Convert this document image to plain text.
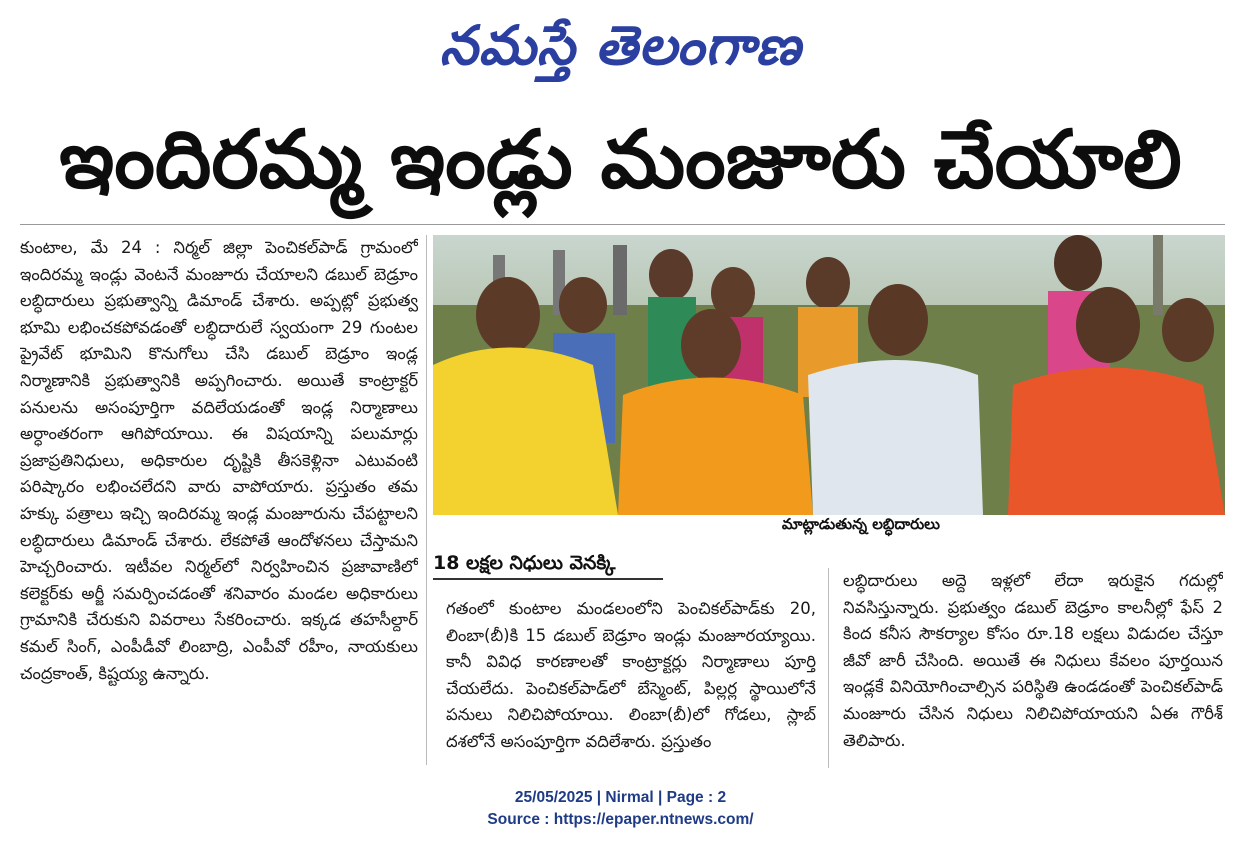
నమస్తే తెలంగాణ
ఇందిరమ్మ ఇండ్లు మంజూరు చేయాలి

కుంటాల, మే 24 : నిర్మల్ జిల్లా పెంచికల్‌పాడ్ గ్రామంలో ఇందిరమ్మ ఇండ్లు వెంటనే మంజూరు చేయాలని డబుల్ బెడ్రూం లబ్ధిదారులు ప్రభుత్వాన్ని డిమాండ్ చేశారు. అప్పట్లో ప్రభుత్వ భూమి లభించకపోవడంతో లబ్ధిదారులే స్వయంగా 29 గుంటల ప్రైవేట్ భూమిని కొనుగోలు చేసి డబుల్ బెడ్రూం ఇండ్ల నిర్మాణానికి ప్రభుత్వానికి అప్పగించారు. అయితే కాంట్రాక్టర్ పనులను అసంపూర్తిగా వదిలేయడంతో ఇండ్ల నిర్మాణాలు అర్ధాంతరంగా ఆగిపోయాయి. ఈ విషయాన్ని పలుమార్లు ప్రజాప్రతినిధులు, అధికారుల దృష్టికి తీసకెళ్లినా ఎటువంటి పరిష్కారం లభించలేదని వారు వాపోయారు. ప్రస్తుతం తమ హక్కు పత్రాలు ఇచ్చి ఇందిరమ్మ ఇండ్ల మంజూరును చేపట్టాలని లబ్ధిదారులు డిమాండ్ చేశారు. లేకపోతే ఆందోళనలు చేస్తామని హెచ్చరించారు. ఇటీవల నిర్మల్‌లో నిర్వహించిన ప్రజావాణిలో కలెక్టర్‌కు అర్జీ సమర్పించడంతో శనివారం మండల అధికారులు గ్రామానికి చేరుకుని వివరాలు సేకరించారు. ఇక్కడ తహసీల్దార్ కమల్ సింగ్, ఎంపీడీవో లింబాద్రి, ఎంపీవో రహీం, నాయకులు చంద్రకాంత్, కిష్టయ్య ఉన్నారు.

మాట్లాడుతున్న లబ్ధిదారులు
18 లక్షల నిధులు వెనక్కి

గతంలో కుంటాల మండలంలోని పెంచికల్‌పాడ్‌కు 20, లింబా(బీ)కి 15 డబుల్ బెడ్రూం ఇండ్లు మంజూరయ్యాయి. కానీ వివిధ కారణాలతో కాంట్రాక్టర్లు నిర్మాణాలు పూర్తి చేయలేదు. పెంచికల్‌పాడ్‌లో బేస్మెంట్, పిల్లర్ల స్థాయిలోనే పనులు నిలిచిపోయాయి. లింబా(బీ)లో గోడలు, స్లాబ్ దశలోనే అసంపూర్తిగా వదిలేశారు. ప్రస్తుతం

లబ్ధిదారులు అద్దె ఇళ్లలో లేదా ఇరుకైన గదుల్లో నివసిస్తున్నారు. ప్రభుత్వం డబుల్ బెడ్రూం కాలనీల్లో ఫేస్ 2 కింద కనీస సౌకర్యాల కోసం రూ.18 లక్షలు విడుదల చేస్తూ జీవో జారీ చేసింది. అయితే ఈ నిధులు కేవలం పూర్తయిన ఇండ్లకే వినియోగించాల్సిన పరిస్థితి ఉండడంతో పెంచికల్‌పాడ్ మంజూరు చేసిన నిధులు నిలిచిపోయాయని ఏఈ గౌరీశ్ తెలిపారు.

25/05/2025 | Nirmal | Page : 2
Source : https://epaper.ntnews.com/
